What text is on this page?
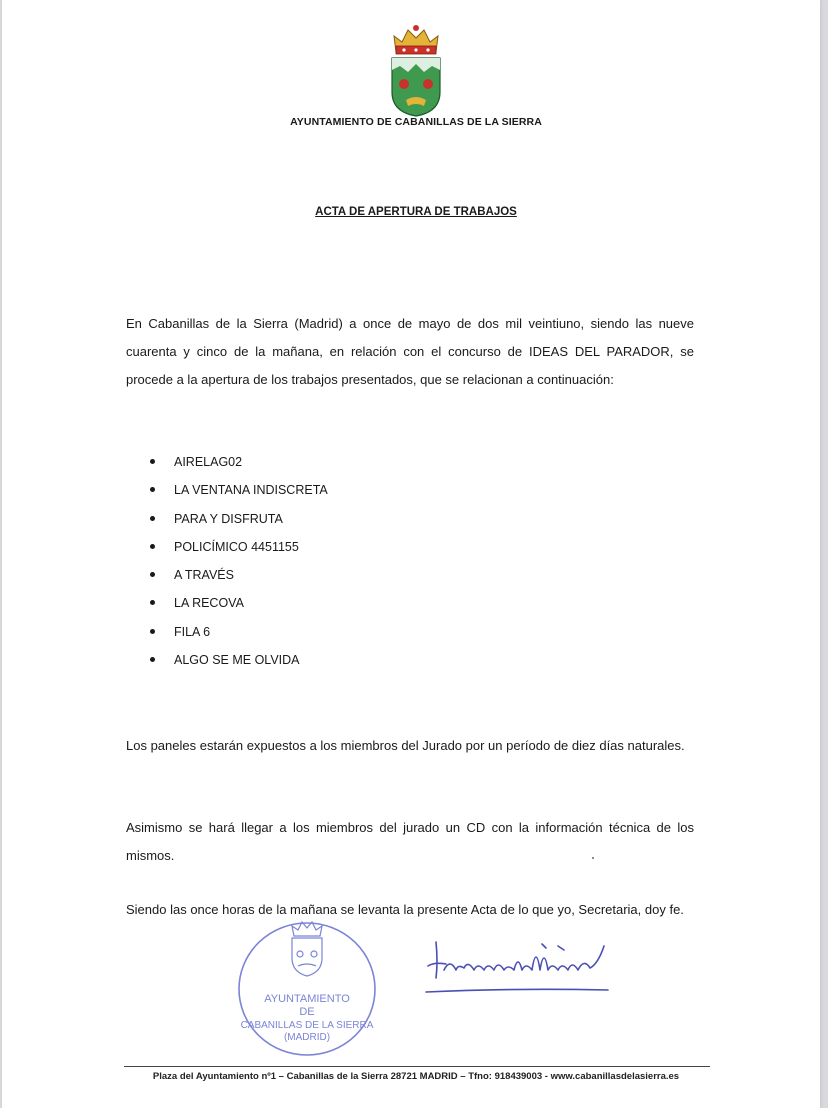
AYUNTAMIENTO DE CABANILLAS DE LA SIERRA
ACTA DE APERTURA DE TRABAJOS
En Cabanillas de la Sierra (Madrid) a once de mayo de dos mil veintiuno, siendo las nueve cuarenta y cinco de la mañana, en relación con el concurso de IDEAS DEL PARADOR, se procede a la apertura de los trabajos presentados, que se relacionan a continuación:
AIRELAG02
LA VENTANA INDISCRETA
PARA Y DISFRUTA
POLICÍMICO 4451155
A TRAVÉS
LA RECOVA
FILA 6
ALGO SE ME OLVIDA
Los paneles estarán expuestos a los miembros del Jurado por un período de diez días naturales.
Asimismo se hará llegar a los miembros del jurado un CD con la información técnica de los mismos.
Siendo las once horas de la mañana se levanta la presente Acta de lo que yo, Secretaria, doy fe.
AYUNTAMIENTO
DE
CABANILLAS DE LA SIERRA
(MADRID)
Plaza del Ayuntamiento nº1 – Cabanillas de la Sierra 28721 MADRID – Tfno: 918439003 - www.cabanillasdelasierra.es
